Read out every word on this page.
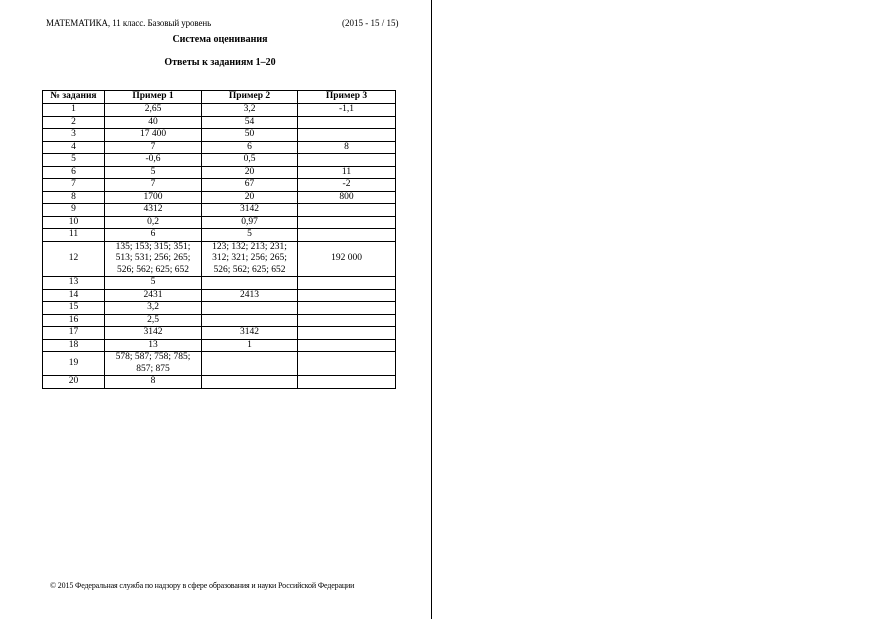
МАТЕМАТИКА, 11 класс. Базовый уровень	(2015 - 15 / 15)
Система оценивания
Ответы к заданиям 1–20
№ задания	Пример 1	Пример 2	Пример 3
1	2,65	3,2	-1,1
2	40	54	
3	17 400	50	
4	7	6	8
5	-0,6	0,5	
6	5	20	11
7	7	67	-2
8	1700	20	800
9	4312	3142	
10	0,2	0,97	
11	6	5	
12	135; 153; 315; 351; 513; 531; 256; 265; 526; 562; 625; 652	123; 132; 213; 231; 312; 321; 256; 265; 526; 562; 625; 652	192 000
13	5		
14	2431	2413	
15	3,2		
16	2,5		
17	3142	3142	
18	13	1	
19	578; 587; 758; 785; 857; 875		
20	8		
© 2015 Федеральная служба по надзору в сфере образования и науки Российской Федерации
